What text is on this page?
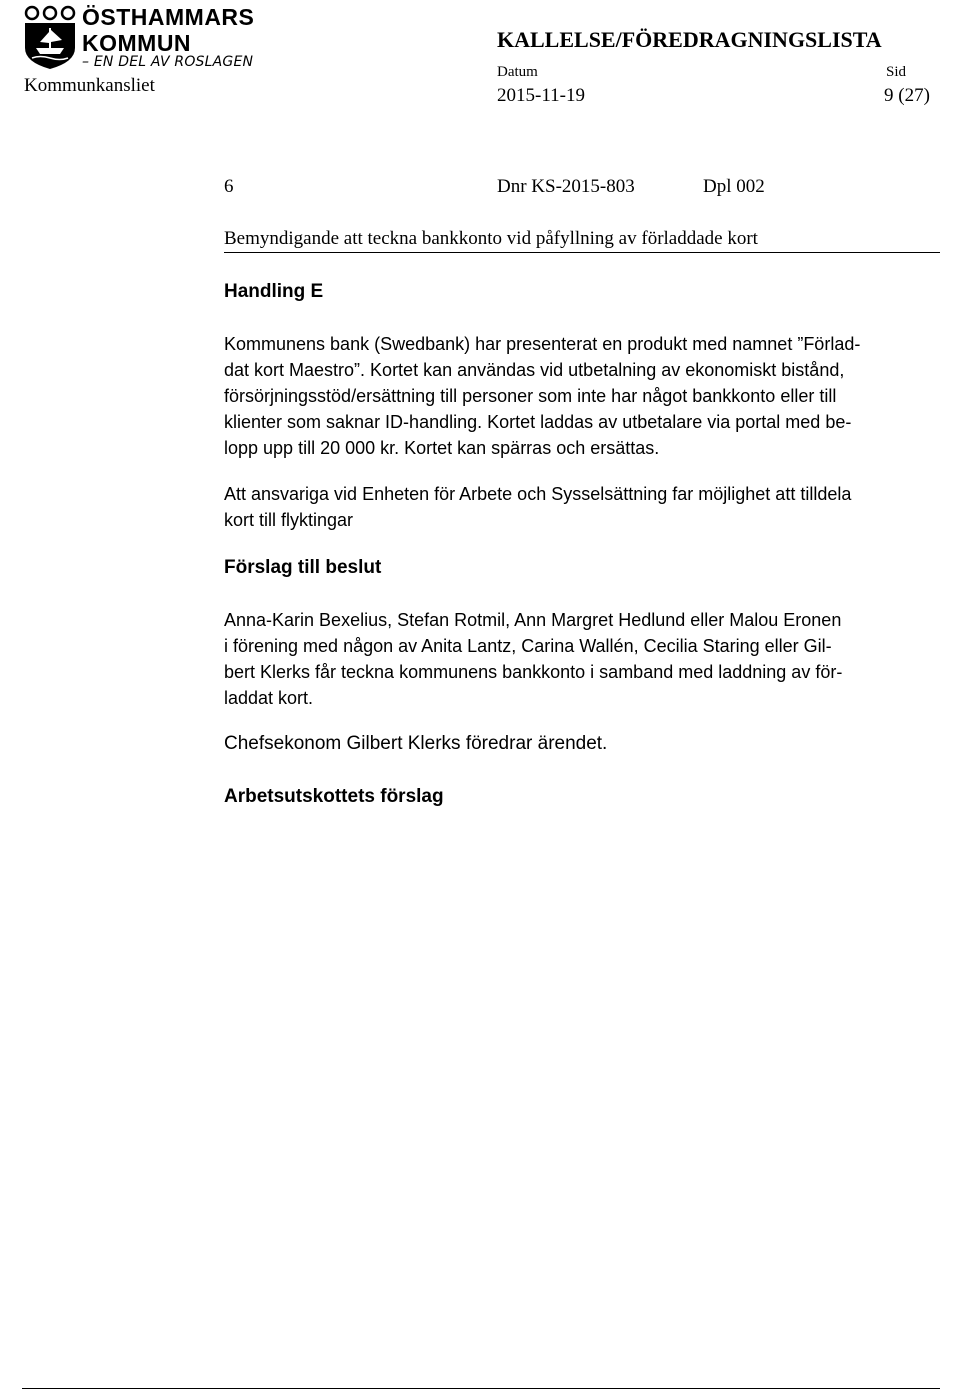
ÖSTHAMMARS
KOMMUN
– EN DEL AV ROSLAGEN
KALLELSE/FÖREDRAGNINGSLISTA
Kommunkansliet
Datum
2015-11-19
Sid
9 (27)
6	Dnr KS-2015-803	Dpl 002
Bemyndigande att teckna bankkonto vid påfyllning av förladdade kort
Handling E
Kommunens bank (Swedbank) har presenterat en produkt med namnet ”Förlad-
dat kort Maestro”. Kortet kan användas vid utbetalning av ekonomiskt bistånd,
försörjningsstöd/ersättning till personer som inte har något bankkonto eller till
klienter som saknar ID-handling. Kortet laddas av utbetalare via portal med be-
lopp upp till 20 000 kr. Kortet kan spärras och ersättas.
Att ansvariga vid Enheten för Arbete och Sysselsättning far möjlighet att tilldela
kort till flyktingar
Förslag till beslut
Anna-Karin Bexelius, Stefan Rotmil, Ann Margret Hedlund eller Malou Eronen
i förening med någon av Anita Lantz, Carina Wallén, Cecilia Staring eller Gil-
bert Klerks får teckna kommunens bankkonto i samband med laddning av för-
laddat kort.
Chefsekonom Gilbert Klerks föredrar ärendet.
Arbetsutskottets förslag
